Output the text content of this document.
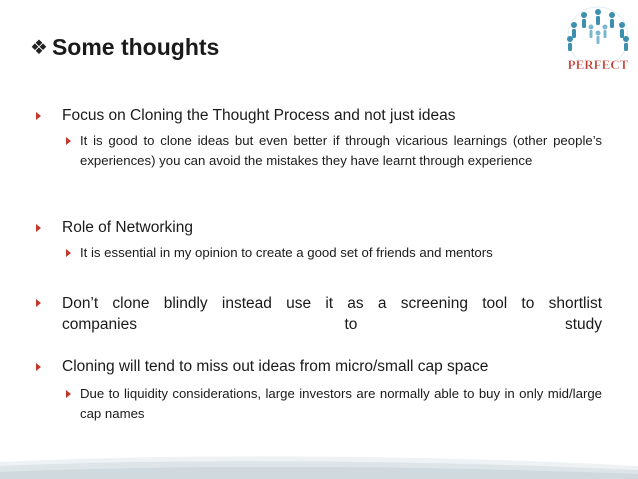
❖ Some thoughts
PERFECT
Focus on Cloning the Thought Process and not just ideas
It is good to clone ideas but even better if through vicarious learnings (other people’s experiences) you can avoid the mistakes they have learnt through experience
Role of Networking
It is essential in my opinion to create a good set of friends and mentors
Don’t clone blindly instead use it as a screening tool to shortlist companies to study
Cloning will tend to miss out ideas from micro/small cap space
Due to liquidity considerations, large investors are normally able to buy in only mid/large cap names
